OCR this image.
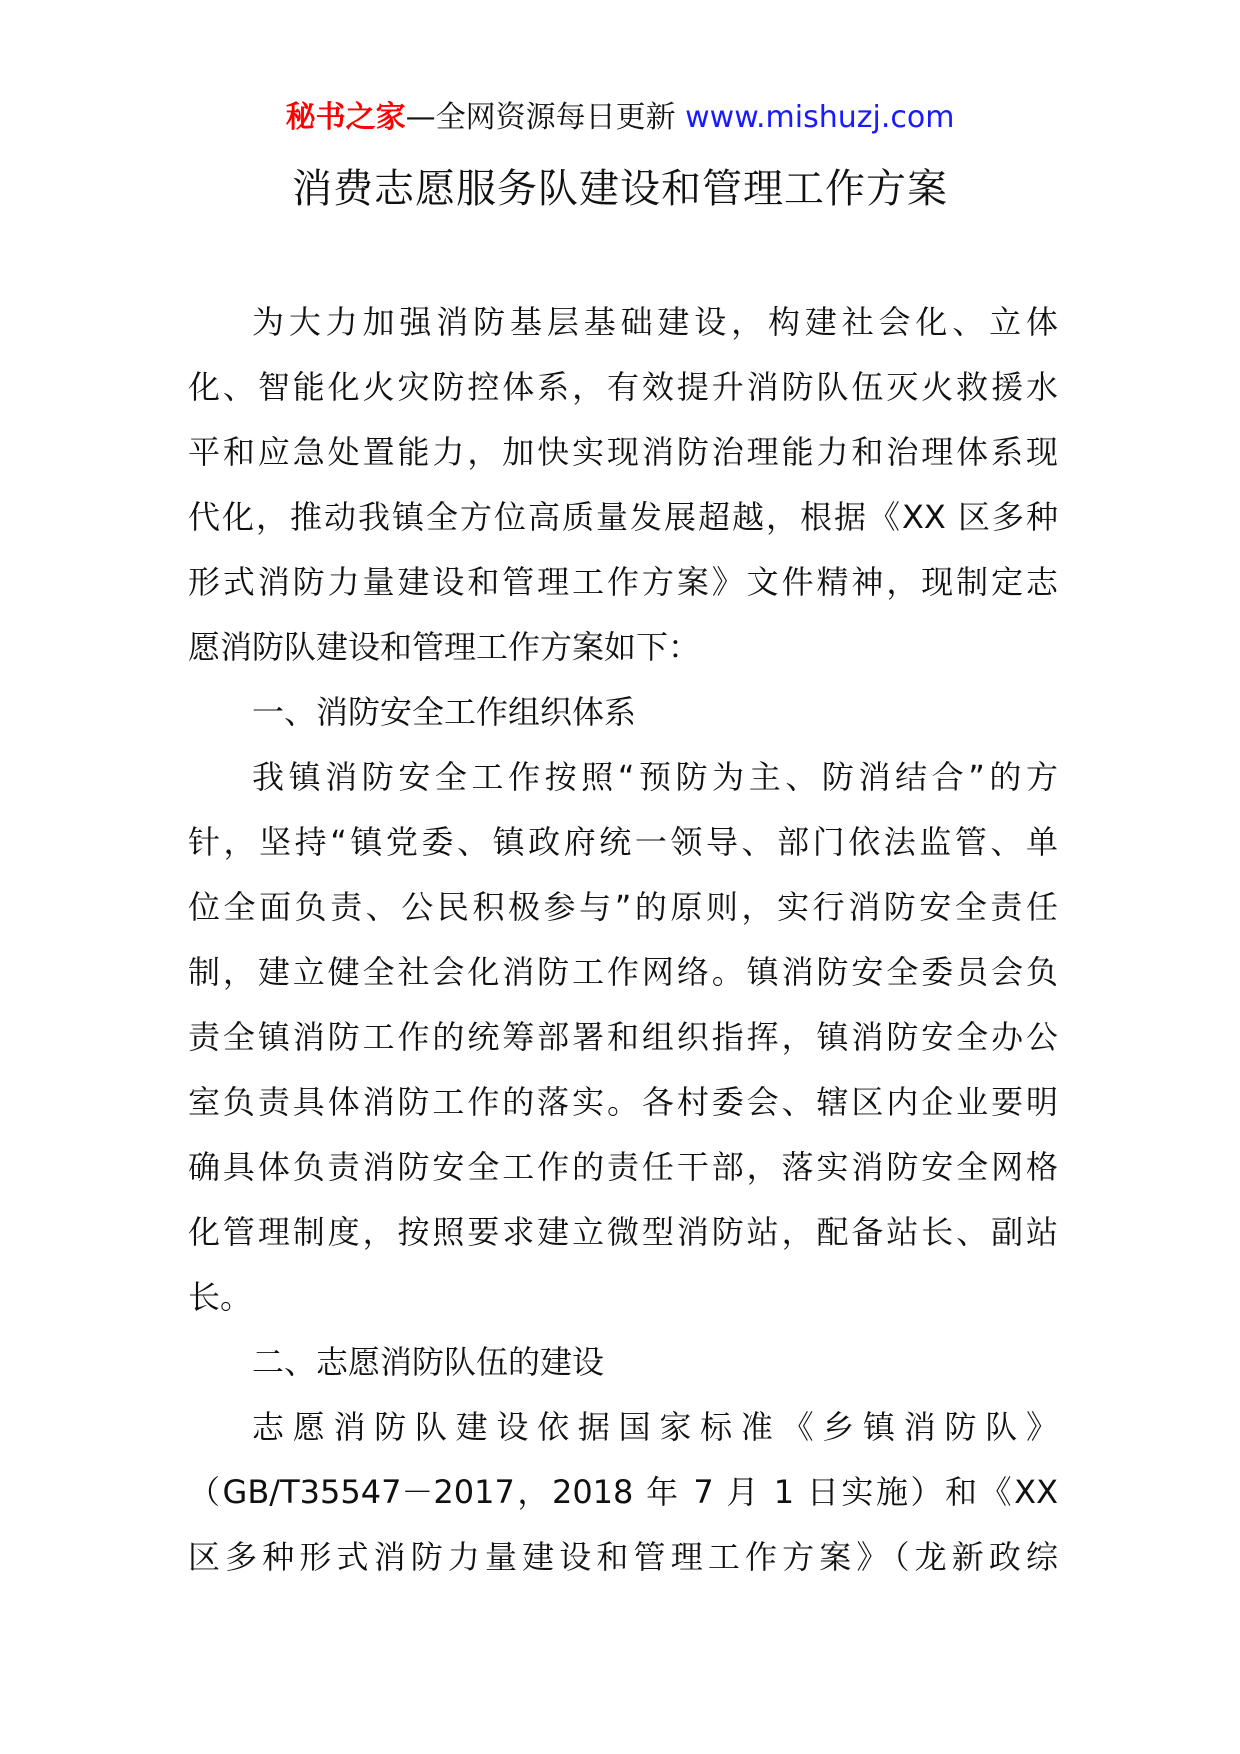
秘书之家—全网资源每日更新 www.mishuzj.com
消费志愿服务队建设和管理工作方案
为大力加强消防基层基础建设，构建社会化、立体
化、智能化火灾防控体系，有效提升消防队伍灭火救援水
平和应急处置能力，加快实现消防治理能力和治理体系现
代化，推动我镇全方位高质量发展超越，根据《XX 区多种
形式消防力量建设和管理工作方案》文件精神，现制定志
愿消防队建设和管理工作方案如下：
一、消防安全工作组织体系
我镇消防安全工作按照“预防为主、防消结合”的方
针，坚持“镇党委、镇政府统一领导、部门依法监管、单
位全面负责、公民积极参与”的原则，实行消防安全责任
制，建立健全社会化消防工作网络。镇消防安全委员会负
责全镇消防工作的统筹部署和组织指挥，镇消防安全办公
室负责具体消防工作的落实。各村委会、辖区内企业要明
确具体负责消防安全工作的责任干部，落实消防安全网格
化管理制度，按照要求建立微型消防站，配备站长、副站
长。
二、志愿消防队伍的建设
志愿消防队建设依据国家标准《乡镇消防队》
（GB/T35547－2017，2018 年 7 月 1 日实施）和《XX
区多种形式消防力量建设和管理工作方案》（龙新政综
